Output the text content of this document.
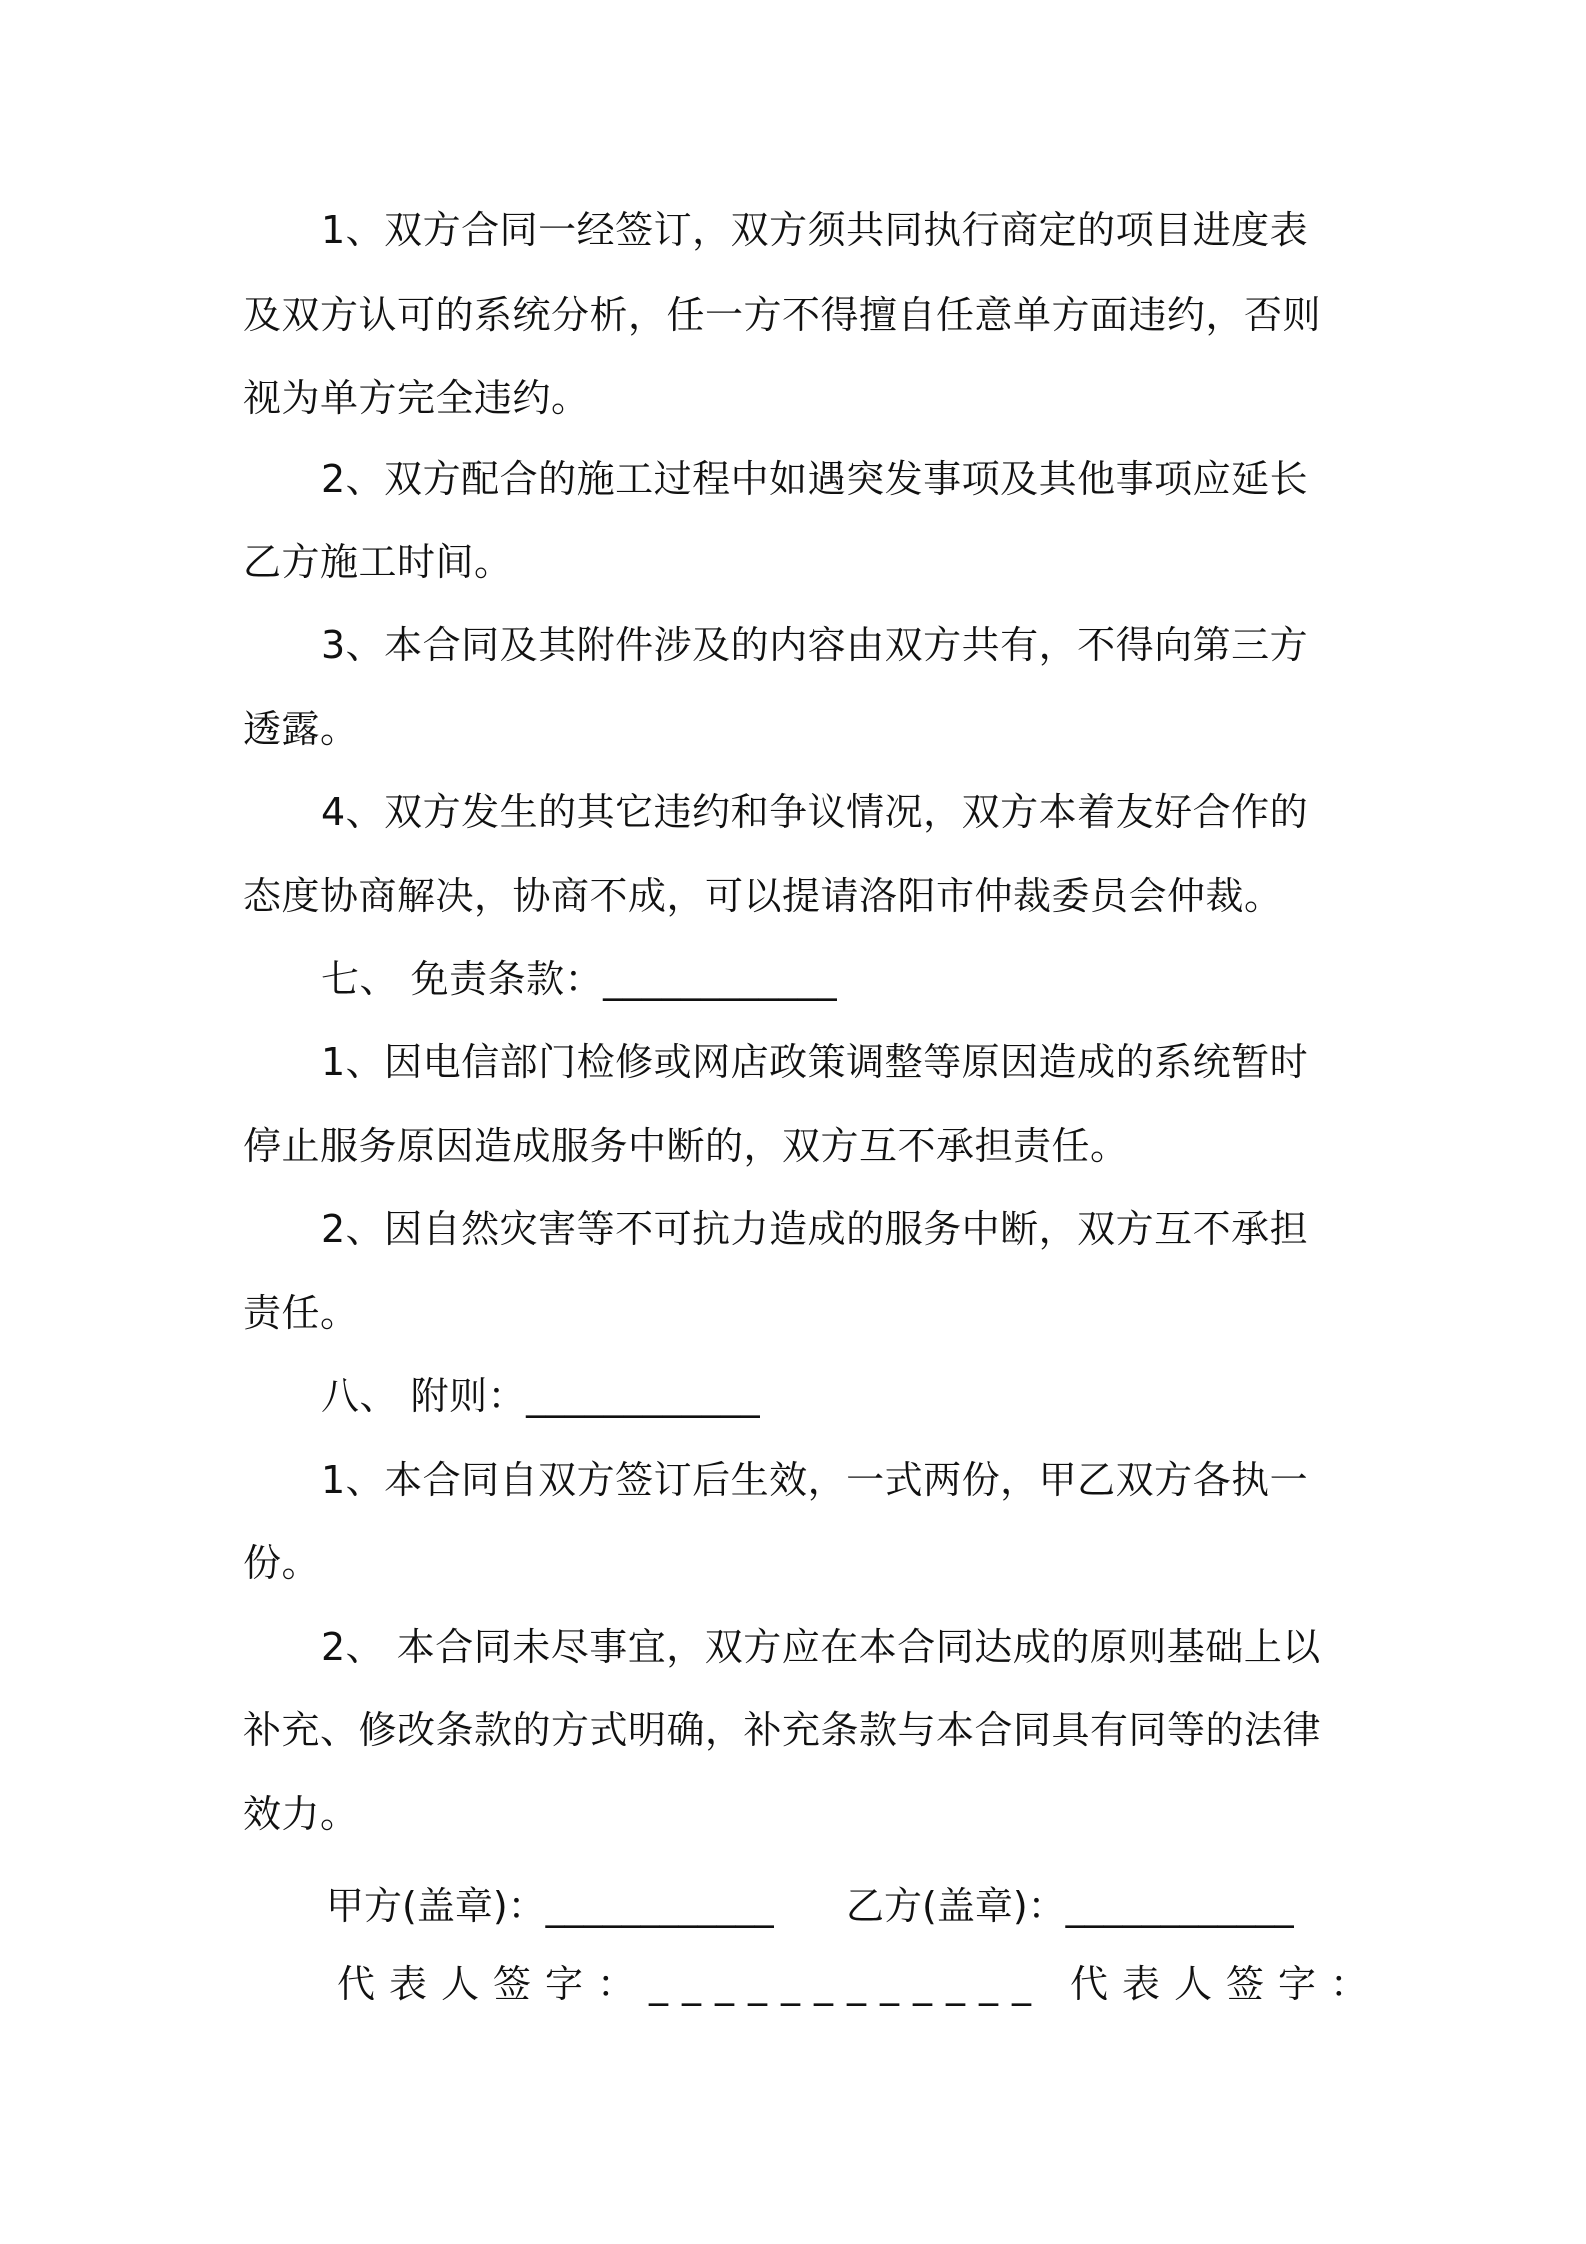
1、双方合同一经签订，双方须共同执行商定的项目进度表
及双方认可的系统分析，任一方不得擅自任意单方面违约，否则
视为单方完全违约。
2、双方配合的施工过程中如遇突发事项及其他事项应延长
乙方施工时间。
3、本合同及其附件涉及的内容由双方共有，不得向第三方
透露。
4、双方发生的其它违约和争议情况，双方本着友好合作的
态度协商解决，协商不成，可以提请洛阳市仲裁委员会仲裁。
七、 免责条款：____________
1、因电信部门检修或网店政策调整等原因造成的系统暂时
停止服务原因造成服务中断的，双方互不承担责任。
2、因自然灾害等不可抗力造成的服务中断，双方互不承担
责任。
八、 附则：____________
1、本合同自双方签订后生效，一式两份，甲乙双方各执一
份。
2、 本合同未尽事宜，双方应在本合同达成的原则基础上以
补充、修改条款的方式明确，补充条款与本合同具有同等的法律
效力。
甲方(盖章)：____________ 乙方(盖章)：____________
代表人签字：____________ 代表人签字：
